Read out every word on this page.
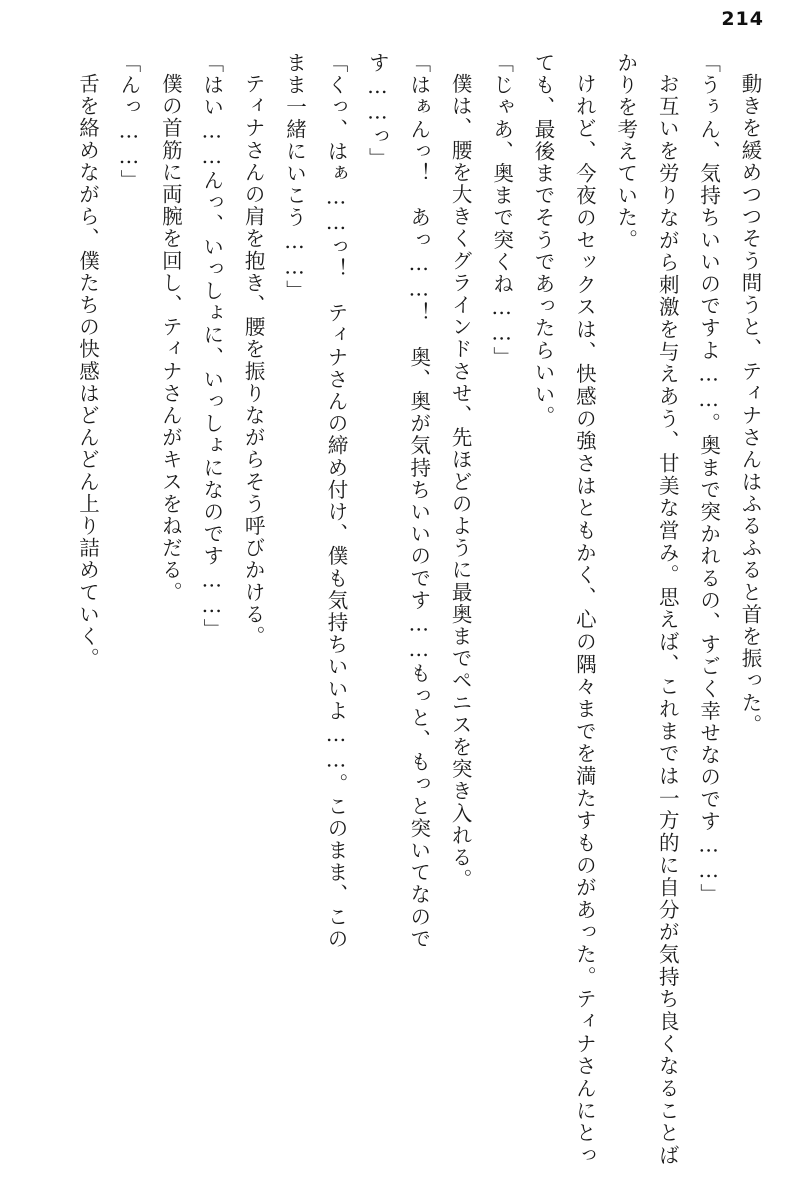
214

動きを緩めつつそう問うと、ティナさんはふるふると首を振った。

「うぅん、気持ちいいのですよ……。奥まで突かれるの、すごく幸せなのです……」

お互いを労りながら刺激を与えあう、甘美な営み。思えば、これまでは一方的に自分が気持ち良くなることばかりを考えていた。

けれど、今夜のセックスは、快感の強さはともかく、心の隅々までを満たすものがあった。ティナさんにとっても、最後までそうであったらいい。

「じゃあ、奥まで突くね……」

僕は、腰を大きくグラインドさせ、先ほどのように最奥までペニスを突き入れる。

「はぁんっ！　あっ……！　奥、奥が気持ちいいのです……もっと、もっと突いてなので

す……っ」

「くっ、はぁ……っ！　ティナさんの締め付け、僕も気持ちいいよ……。このまま、この

まま一緒にいこう……」

ティナさんの肩を抱き、腰を振りながらそう呼びかける。

「はい……んっ、いっしょに、いっしょになのです……」

僕の首筋に両腕を回し、ティナさんがキスをねだる。

「んっ……」

舌を絡めながら、僕たちの快感はどんどん上り詰めていく。
